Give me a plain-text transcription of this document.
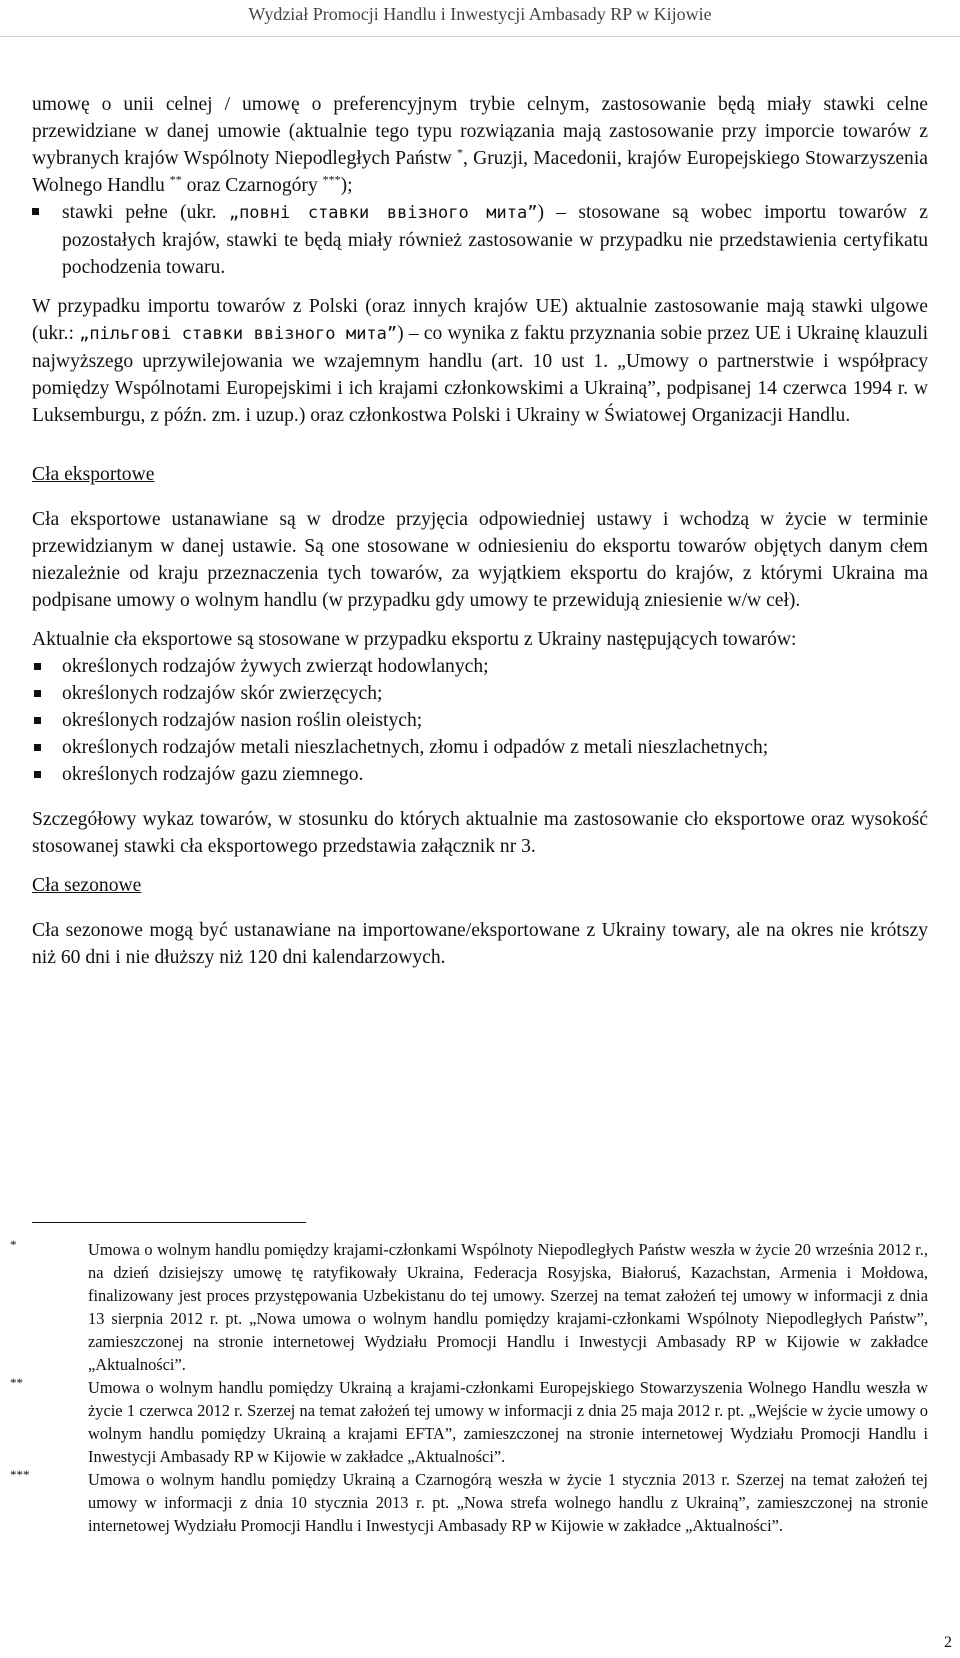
Wydział Promocji Handlu i Inwestycji Ambasady RP w Kijowie

umowę o unii celnej / umowę o preferencyjnym trybie celnym, zastosowanie będą miały stawki celne przewidziane w danej umowie (aktualnie tego typu rozwiązania mają zastosowanie przy imporcie towarów z wybranych krajów Wspólnoty Niepodległych Państw *, Gruzji, Macedonii, krajów Europejskiego Stowarzyszenia Wolnego Handlu ** oraz Czarnogóry ***);

stawki pełne (ukr. „повні ставки ввізного мита”) – stosowane są wobec importu towarów z pozostałych krajów, stawki te będą miały również zastosowanie w przypadku nie przedstawienia certyfikatu pochodzenia towaru.

W przypadku importu towarów z Polski (oraz innych krajów UE) aktualnie zastosowanie mają stawki ulgowe (ukr.: „пільгові ставки ввізного мита”) – co wynika z faktu przyznania sobie przez UE i Ukrainę klauzuli najwyższego uprzywilejowania we wzajemnym handlu (art. 10 ust 1. „Umowy o partnerstwie i współpracy pomiędzy Wspólnotami Europejskimi i ich krajami członkowskimi a Ukrainą”, podpisanej 14 czerwca 1994 r. w Luksemburgu, z późn. zm. i uzup.) oraz członkostwa Polski i Ukrainy w Światowej Organizacji Handlu.

Cła eksportowe

Cła eksportowe ustanawiane są w drodze przyjęcia odpowiedniej ustawy i wchodzą w życie w terminie przewidzianym w danej ustawie. Są one stosowane w odniesieniu do eksportu towarów objętych danym cłem niezależnie od kraju przeznaczenia tych towarów, za wyjątkiem eksportu do krajów, z którymi Ukraina ma podpisane umowy o wolnym handlu (w przypadku gdy umowy te przewidują zniesienie w/w ceł).

Aktualnie cła eksportowe są stosowane w przypadku eksportu z Ukrainy następujących towarów:

określonych rodzajów żywych zwierząt hodowlanych;
określonych rodzajów skór zwierzęcych;
określonych rodzajów nasion roślin oleistych;
określonych rodzajów metali nieszlachetnych, złomu i odpadów z metali nieszlachetnych;
określonych rodzajów gazu ziemnego.

Szczegółowy wykaz towarów, w stosunku do których aktualnie ma zastosowanie cło eksportowe oraz wysokość stosowanej stawki cła eksportowego przedstawia załącznik nr 3.

Cła sezonowe

Cła sezonowe mogą być ustanawiane na importowane/eksportowane z Ukrainy towary, ale na okres nie krótszy niż 60 dni i nie dłuższy niż 120 dni kalendarzowych.

*	Umowa o wolnym handlu pomiędzy krajami-członkami Wspólnoty Niepodległych Państw weszła w życie 20 września 2012 r., na dzień dzisiejszy umowę tę ratyfikowały Ukraina, Federacja Rosyjska, Białoruś, Kazachstan, Armenia i Mołdowa, finalizowany jest proces przystępowania Uzbekistanu do tej umowy. Szerzej na temat założeń tej umowy w informacji z dnia 13 sierpnia 2012 r. pt. „Nowa umowa o wolnym handlu pomiędzy krajami-członkami Wspólnoty Niepodległych Państw”, zamieszczonej na stronie internetowej Wydziału Promocji Handlu i Inwestycji Ambasady RP w Kijowie w zakładce „Aktualności”.

**	Umowa o wolnym handlu pomiędzy Ukrainą a krajami-członkami Europejskiego Stowarzyszenia Wolnego Handlu weszła w życie 1 czerwca 2012 r. Szerzej na temat założeń tej umowy w informacji z dnia 25 maja 2012 r. pt. „Wejście w życie umowy o wolnym handlu pomiędzy Ukrainą a krajami EFTA”, zamieszczonej na stronie internetowej Wydziału Promocji Handlu i Inwestycji Ambasady RP w Kijowie w zakładce „Aktualności”.

***	Umowa o wolnym handlu pomiędzy Ukrainą a Czarnogórą weszła w życie 1 stycznia 2013 r. Szerzej na temat założeń tej umowy w informacji z dnia 10 stycznia 2013 r. pt. „Nowa strefa wolnego handlu z Ukrainą”, zamieszczonej na stronie internetowej Wydziału Promocji Handlu i Inwestycji Ambasady RP w Kijowie w zakładce „Aktualności”.

2
